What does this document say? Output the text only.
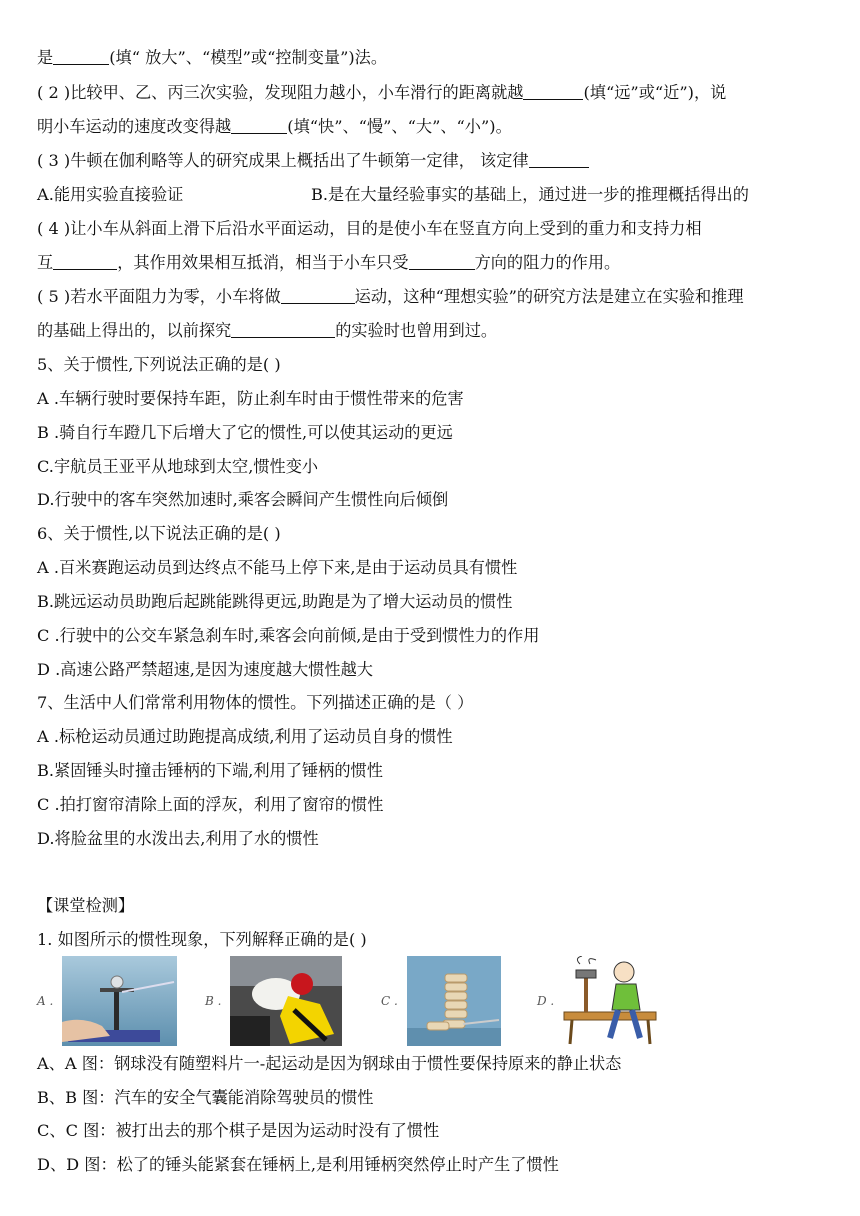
是	(填“ 放大”、“模型”或“控制变量”)法。
( 2 )比较甲、乙、丙三次实验，发现阻力越小，小车滑行的距离就越	(填“远”或“近”)，说
明小车运动的速度改变得越	(填“快”、“慢”、“大”、“小”)。
( 3 )牛顿在伽利略等人的研究成果上概括出了牛顿第一定律， 该定律
A.能用实验直接验证	B.是在大量经验事实的基础上，通过进一步的推理概括得出的
( 4 )让小车从斜面上滑下后沿水平面运动，目的是使小车在竖直方向上受到的重力和支持力相
互	，其作用效果相互抵消，相当于小车只受	方向的阻力的作用。
( 5 )若水平面阻力为零，小车将做	运动，这种“理想实验”的研究方法是建立在实验和推理
的基础上得出的，以前探究	的实验时也曾用到过。
5、关于惯性,下列说法正确的是( )
A .车辆行驶时要保持车距，防止刹车时由于惯性带来的危害
B .骑自行车蹬几下后增大了它的惯性,可以使其运动的更远
C.宇航员王亚平从地球到太空,惯性变小
D.行驶中的客车突然加速时,乘客会瞬间产生惯性向后倾倒
6、关于惯性,以下说法正确的是( )
A .百米赛跑运动员到达终点不能马上停下来,是由于运动员具有惯性
B.跳远运动员助跑后起跳能跳得更远,助跑是为了增大运动员的惯性
C .行驶中的公交车紧急刹车时,乘客会向前倾,是由于受到惯性力的作用
D .高速公路严禁超速,是因为速度越大惯性越大
7、生活中人们常常利用物体的惯性。下列描述正确的是（ ）
A .标枪运动员通过助跑提高成绩,利用了运动员自身的惯性
B.紧固锤头时撞击锤柄的下端,利用了锤柄的惯性
C .拍打窗帘清除上面的浮灰，利用了窗帘的惯性
D.将脸盆里的水泼出去,利用了水的惯性
【课堂检测】
1. 如图所示的惯性现象，下列解释正确的是( )
A .	B .	C .	D .
A、A 图：钢球没有随塑料片一-起运动是因为钢球由于惯性要保持原来的静止状态
B、B 图：汽车的安全气囊能消除驾驶员的惯性
C、C 图：被打出去的那个棋子是因为运动时没有了惯性
D、D 图：松了的锤头能紧套在锤柄上,是利用锤柄突然停止时产生了惯性
